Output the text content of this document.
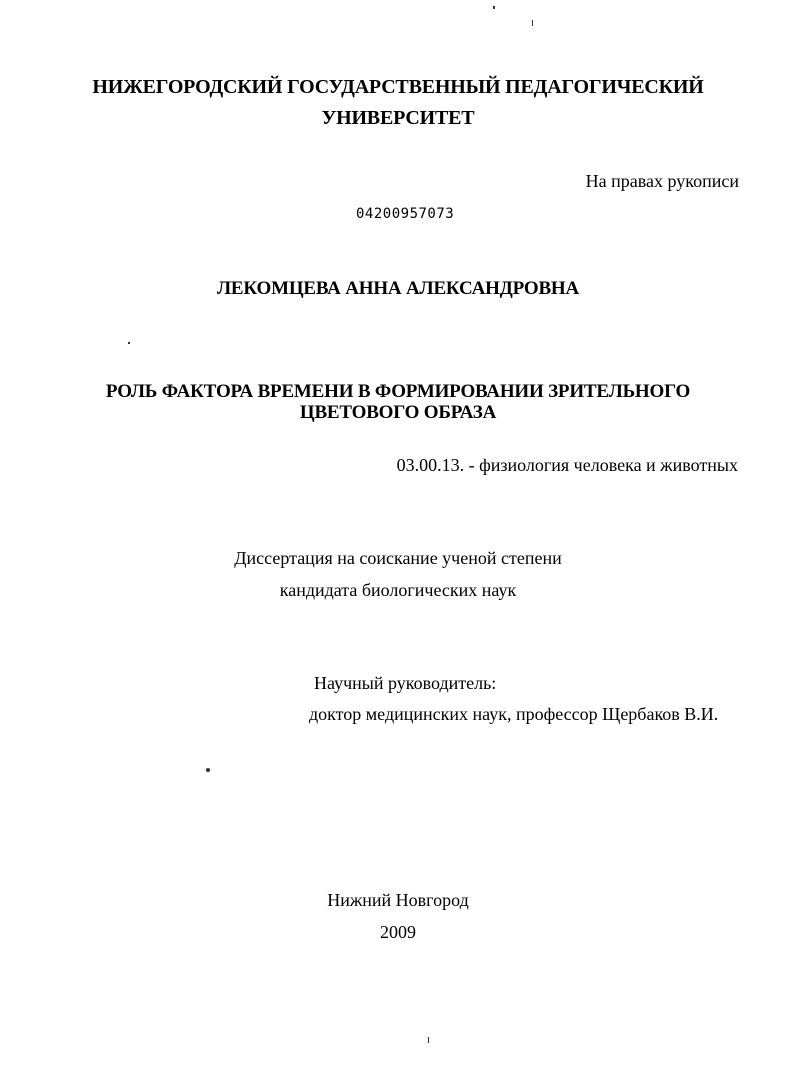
НИЖЕГОРОДСКИЙ ГОСУДАРСТВЕННЫЙ ПЕДАГОГИЧЕСКИЙ
УНИВЕРСИТЕТ
На правах рукописи
04200957073
ЛЕКОМЦЕВА АННА АЛЕКСАНДРОВНА
РОЛЬ ФАКТОРА ВРЕМЕНИ В ФОРМИРОВАНИИ ЗРИТЕЛЬНОГО
ЦВЕТОВОГО ОБРАЗА
03.00.13. - физиология человека и животных
Диссертация на соискание ученой степени
кандидата биологических наук
Научный руководитель:
доктор медицинских наук, профессор Щербаков В.И.
Нижний Новгород
2009
